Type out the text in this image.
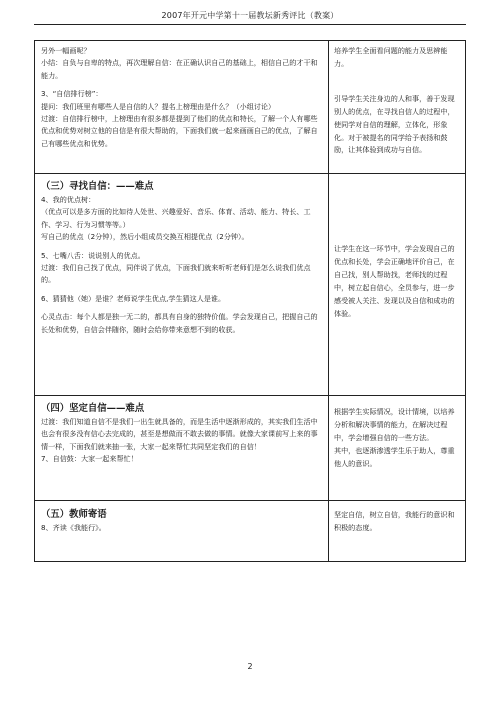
2007年开元中学第十一届教坛新秀评比（教案）

另外一幅画呢？

小结：自负与自卑的特点，再次理解自信：在正确认识自己的基础上，相信自己的才干和能力。

3、“自信排行榜”：

提问：我们班里有哪些人是自信的人？提名上榜理由是什么？（小组讨论）

过渡：自信排行榜中，上榜理由有很多都是提到了他们的优点和特长，了解一个人有哪些优点和优势对树立他的自信是有很大帮助的，下面我们就一起来画画自己的优点，了解自己有哪些优点和优势。

培养学生全面看问题的能力及思辨能力。

引导学生关注身边的人和事，善于发现别人的优点，在寻找自信人的过程中，使同学对自信的理解，立体化，形象化。对于被提名的同学给予表扬和鼓励，让其体验到成功与自信。

（三）寻找自信：——难点

4、我的优点树：

（优点可以是多方面的比如待人处世、兴趣爱好、音乐、体育、活动、能力、特长、工作、学习、行为习惯等等。）

写自己的优点（2分钟），然后小组成员交换互相提优点（2分钟）。

5、七嘴八舌：说说别人的优点。

过渡：我们自己找了优点，同伴说了优点，下面我们就来听听老师们是怎么说我们优点的。

6、猜猜他（她）是谁？老师说学生优点,学生猜这人是谁。

心灵点击：每个人都是独一无二的，都具有自身的独特价值。学会发现自己，把握自己的长处和优势，自信会伴随你，随时会给你带来意想不到的收获。

让学生在这一环节中，学会发现自己的优点和长处，学会正确地评价自己，在自己找，别人帮助找，老师找的过程中，树立起自信心，全员参与，进一步感受被人关注、发现以及自信和成功的体验。

（四）坚定自信——难点

过渡：我们知道自信不是我们一出生就具备的，而是生活中逐渐形成的，其实我们生活中也会有很多没有信心去完成的，甚至是想做而不敢去做的事情。就像大家课前写上来的事情一样，下面我们就来抽一张，大家一起来帮忙共同坚定我们的自信！

7、自信鼓：大家一起来帮忙！

根据学生实际情况，设计情境，以培养分析和解决事情的能力，在解决过程中，学会增强自信的一些方法。

其中，也逐渐渗透学生乐于助人，尊重他人的意识。

（五）教师寄语

8、齐读《我能行》。

坚定自信，树立自信，我能行的意识和积极的态度。

2
